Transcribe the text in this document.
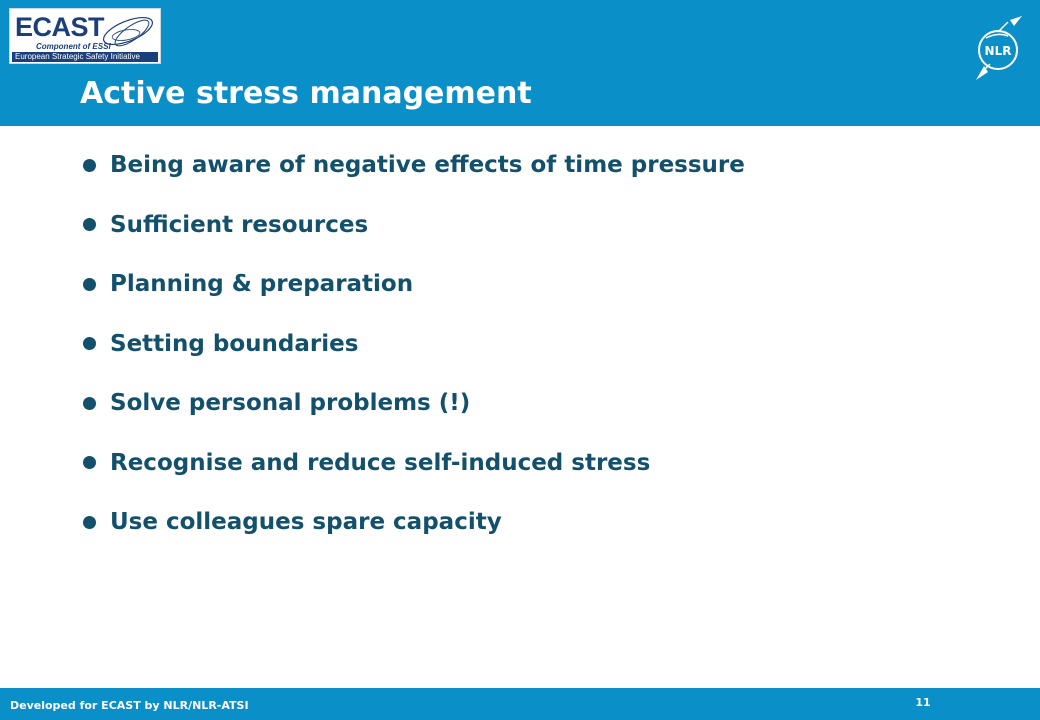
ECAST
Component of ESSI
European Strategic Safety Initiative	NLR
Active stress management
Being aware of negative effects of time pressure
Sufficient resources
Planning & preparation
Setting boundaries
Solve personal problems (!)
Recognise and reduce self-induced stress
Use colleagues spare capacity
Developed for ECAST by NLR/NLR-ATSI	11
